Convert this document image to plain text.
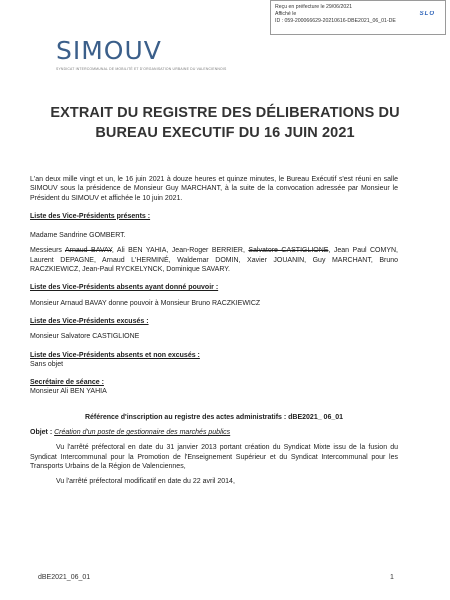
Reçu en préfecture le 29/06/2021
Affiché le	SLO
ID : 059-200066629-20210616-DBE2021_06_01-DE
SIMOUV
SYNDICAT INTERCOMMUNAL DE MOBILITÉ ET D'ORGANISATION URBAINE DU VALENCIENNOIS
EXTRAIT DU REGISTRE DES DÉLIBERATIONS DU
BUREAU EXECUTIF DU 16 JUIN 2021

L'an deux mille vingt et un, le 16 juin 2021 à douze heures et quinze minutes, le Bureau Exécutif s'est réuni en salle SIMOUV sous la présidence de Monsieur Guy MARCHANT, à la suite de la convocation adressée par Monsieur le Président du SIMOUV et affichée le 10 juin 2021.

Liste des Vice-Présidents présents :

Madame Sandrine GOMBERT.

Messieurs Arnaud BAVAY, Ali BEN YAHIA, Jean-Roger BERRIER, Salvatore CASTIGLIONE, Jean Paul COMYN, Laurent DEPAGNE, Arnaud L'HERMINÉ, Waldemar DOMIN, Xavier JOUANIN, Guy MARCHANT, Bruno RACZKIEWICZ, Jean-Paul RYCKELYNCK, Dominique SAVARY.

Liste des Vice-Présidents absents ayant donné pouvoir :

Monsieur Arnaud BAVAY donne pouvoir à Monsieur Bruno RACZKIEWICZ

Liste des Vice-Présidents excusés :

Monsieur Salvatore CASTIGLIONE

Liste des Vice-Présidents absents et non excusés :

Sans objet

Secrétaire de séance :

Monsieur Ali BEN YAHIA

Référence d'inscription au registre des actes administratifs : dBE2021_ 06_01

Objet : Création d'un poste de gestionnaire des marchés publics

Vu l'arrêté préfectoral en date du 31 janvier 2013 portant création du Syndicat Mixte issu de la fusion du Syndicat Intercommunal pour la Promotion de l'Enseignement Supérieur et du Syndicat Intercommunal pour les Transports Urbains de la Région de Valenciennes,

Vu l'arrêté préfectoral modificatif en date du 22 avril 2014,

dBE2021_06_01	1
